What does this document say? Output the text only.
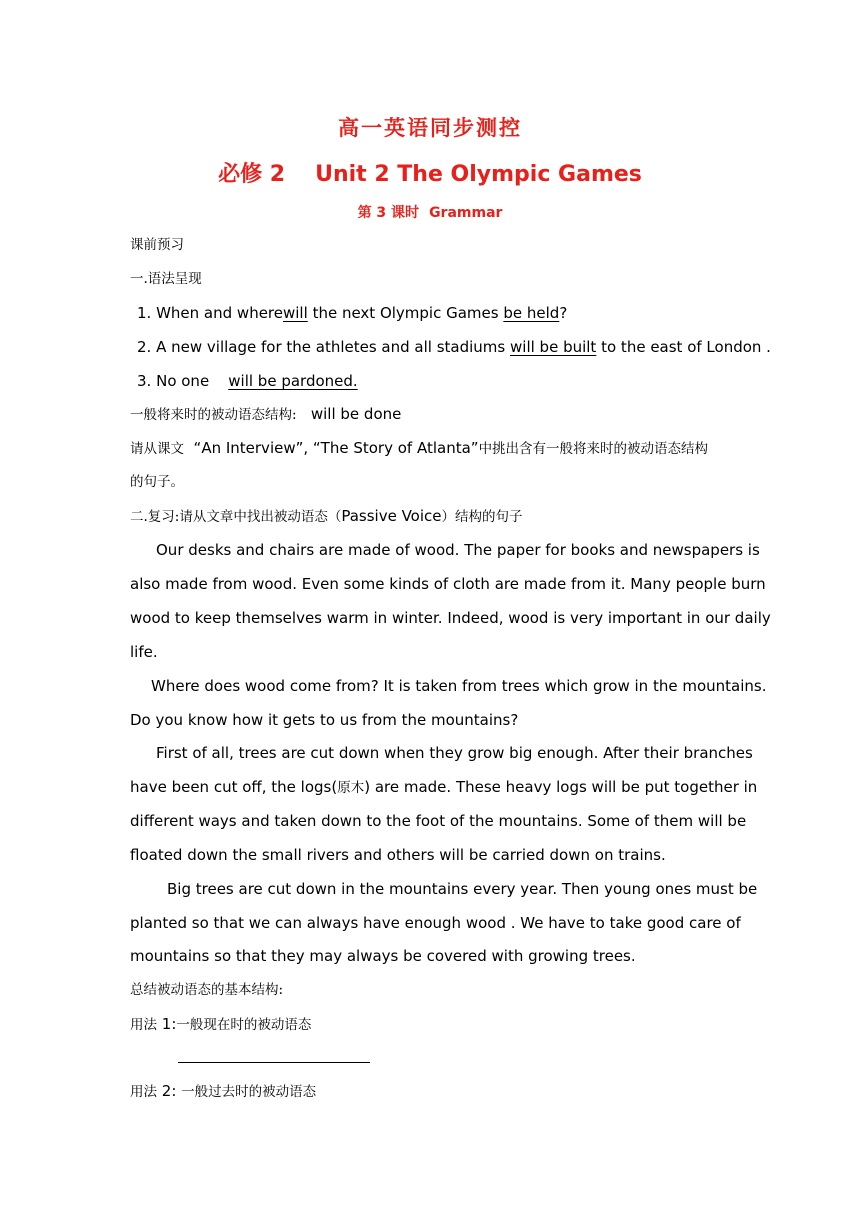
高一英语同步测控
必修 2 Unit 2 The Olympic Games
第 3 课时 Grammar
课前预习
一.语法呈现
1. When and wherewill the next Olympic Games be held?
2. A new village for the athletes and all stadiums will be built to the east of London .
3. No one will be pardoned.
一般将来时的被动语态结构: will be done
请从课文 “An Interview”, “The Story of Atlanta”中挑出含有一般将来时的被动语态结构
的句子。
二.复习:请从文章中找出被动语态（Passive Voice）结构的句子
Our desks and chairs are made of wood. The paper for books and newspapers is
also made from wood. Even some kinds of cloth are made from it. Many people burn
wood to keep themselves warm in winter. Indeed, wood is very important in our daily
life.
Where does wood come from? It is taken from trees which grow in the mountains.
Do you know how it gets to us from the mountains?
First of all, trees are cut down when they grow big enough. After their branches
have been cut off, the logs(原木) are made. These heavy logs will be put together in
different ways and taken down to the foot of the mountains. Some of them will be
floated down the small rivers and others will be carried down on trains.
Big trees are cut down in the mountains every year. Then young ones must be
planted so that we can always have enough wood . We have to take good care of
mountains so that they may always be covered with growing trees.
总结被动语态的基本结构:
用法 1:一般现在时的被动语态
用法 2: 一般过去时的被动语态
